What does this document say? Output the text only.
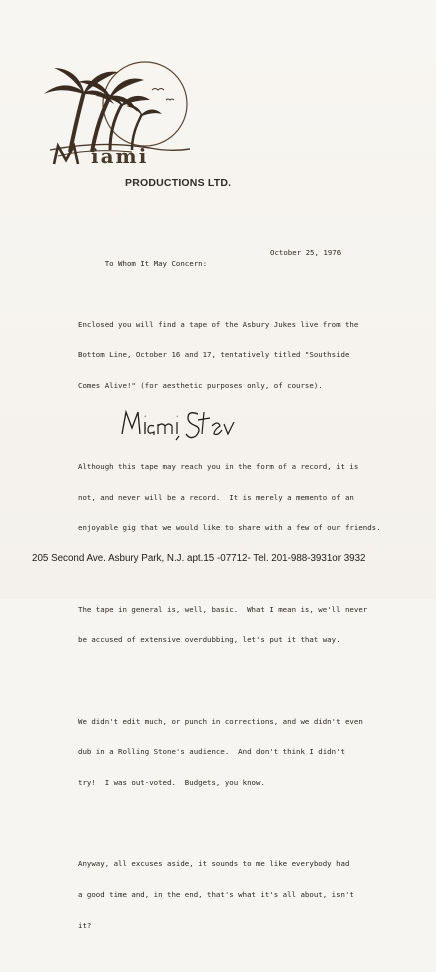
iami
PRODUCTIONS LTD.

To Whom It May Concern:

October 25, 1976

Enclosed you will find a tape of the Asbury Jukes live from the

Bottom Line, October 16 and 17, tentatively titled "Southside

Comes Alive!" (for aesthetic purposes only, of course).

Although this tape may reach you in the form of a record, it is

not, and never will be a record.  It is merely a memento of an

enjoyable gig that we would like to share with a few of our friends.

The tape in general is, well, basic.  What I mean is, we'll never

be accused of extensive overdubbing, let's put it that way.

We didn't edit much, or punch in corrections, and we didn't even

dub in a Rolling Stone's audience.  And don't think I didn't

try!  I was out-voted.  Budgets, you know.

Anyway, all excuses aside, it sounds to me like everybody had

a good time and, in the end, that's what it's all about, isn't

it?

205 Second Ave. Asbury Park, N.J. apt.15 -07712- Tel. 201-988-3931or 3932
